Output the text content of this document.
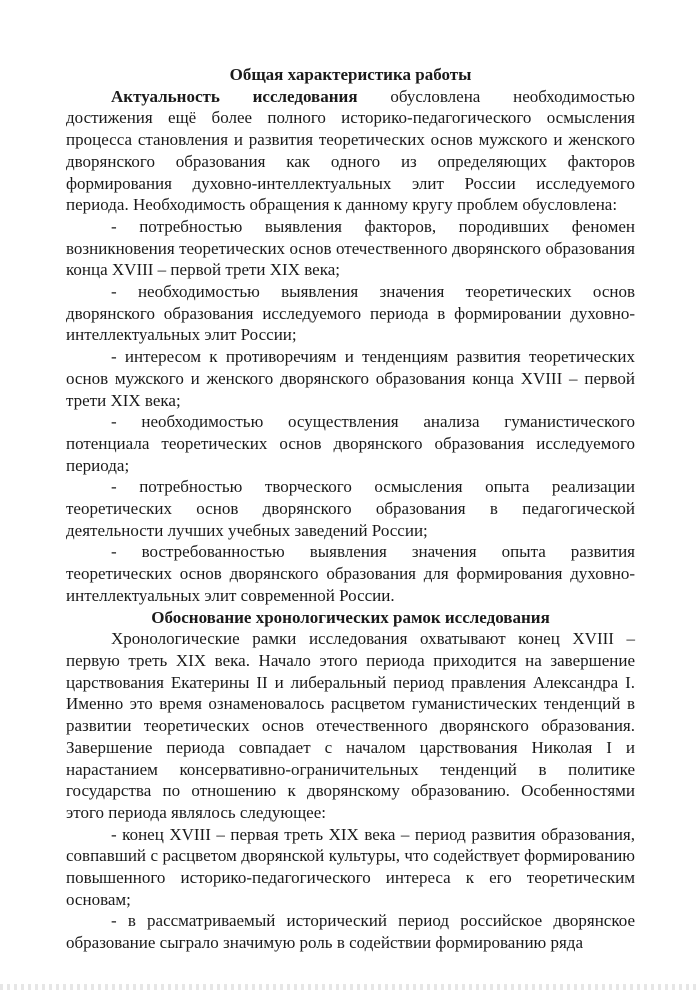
Общая характеристика работы

Актуальность исследования обусловлена необходимостью достижения ещё более полного историко-педагогического осмысления процесса становления и развития теоретических основ мужского и женского дворянского образования как одного из определяющих факторов формирования духовно-интеллектуальных элит России исследуемого периода. Необходимость обращения к данному кругу проблем обусловлена:

- потребностью выявления факторов, породивших феномен возникновения теоретических основ отечественного дворянского образования конца XVIII – первой трети XIX века;

- необходимостью выявления значения теоретических основ дворянского образования исследуемого периода в формировании духовно-интеллектуальных элит России;

- интересом к противоречиям и тенденциям развития теоретических основ мужского и женского дворянского образования конца XVIII – первой трети XIX века;

- необходимостью осуществления анализа гуманистического потенциала теоретических основ дворянского образования исследуемого периода;

- потребностью творческого осмысления опыта реализации теоретических основ дворянского образования в педагогической деятельности лучших учебных заведений России;

- востребованностью выявления значения опыта развития теоретических основ дворянского образования для формирования духовно-интеллектуальных элит современной России.

Обоснование хронологических рамок исследования

Хронологические рамки исследования охватывают конец XVIII – первую треть XIX века. Начало этого периода приходится на завершение царствования Екатерины II и либеральный период правления Александра I. Именно это время ознаменовалось расцветом гуманистических тенденций в развитии теоретических основ отечественного дворянского образования. Завершение периода совпадает с началом царствования Николая I и нарастанием консервативно-ограничительных тенденций в политике государства по отношению к дворянскому образованию. Особенностями этого периода являлось следующее:

- конец XVIII – первая треть XIX века – период развития образования, совпавший с расцветом дворянской культуры, что содействует формированию повышенного историко-педагогического интереса к его теоретическим основам;

- в рассматриваемый исторический период российское дворянское образование сыграло значимую роль в содействии формированию ряда
